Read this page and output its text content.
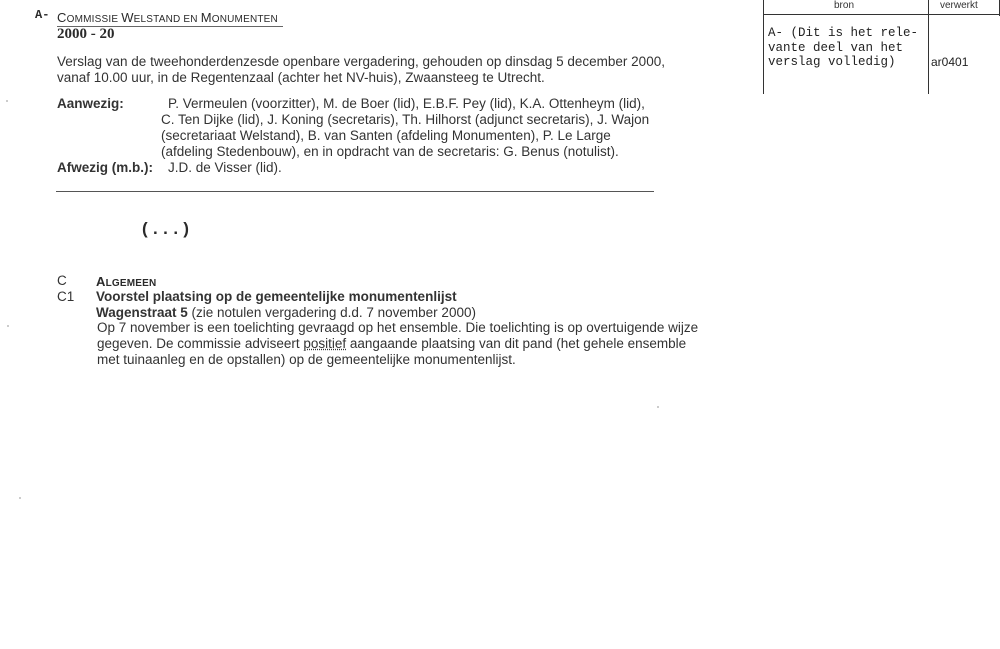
bron	verwerkt
A- (Dit is het rele-
vante deel van het
verslag volledig)	ar0401
A- COMMISSIE WELSTAND EN MONUMENTEN
2000 - 20
Verslag van de tweehonderdenzesde openbare vergadering, gehouden op dinsdag 5 december 2000,
vanaf 10.00 uur, in de Regentenzaal (achter het NV-huis), Zwaansteeg te Utrecht.
Aanwezig:	P. Vermeulen (voorzitter), M. de Boer (lid), E.B.F. Pey (lid), K.A. Ottenheym (lid),
C. Ten Dijke (lid), J. Koning (secretaris), Th. Hilhorst (adjunct secretaris), J. Wajon
(secretariaat Welstand), B. van Santen (afdeling Monumenten), P. Le Large
(afdeling Stedenbouw), en in opdracht van de secretaris: G. Benus (notulist).
Afwezig (m.b.): J.D. de Visser (lid).
(...)
C ALGEMEEN
C1 Voorstel plaatsing op de gemeentelijke monumentenlijst
Wagenstraat 5 (zie notulen vergadering d.d. 7 november 2000)
Op 7 november is een toelichting gevraagd op het ensemble. Die toelichting is op overtuigende wijze
gegeven. De commissie adviseert positief aangaande plaatsing van dit pand (het gehele ensemble
met tuinaanleg en de opstallen) op de gemeentelijke monumentenlijst.
